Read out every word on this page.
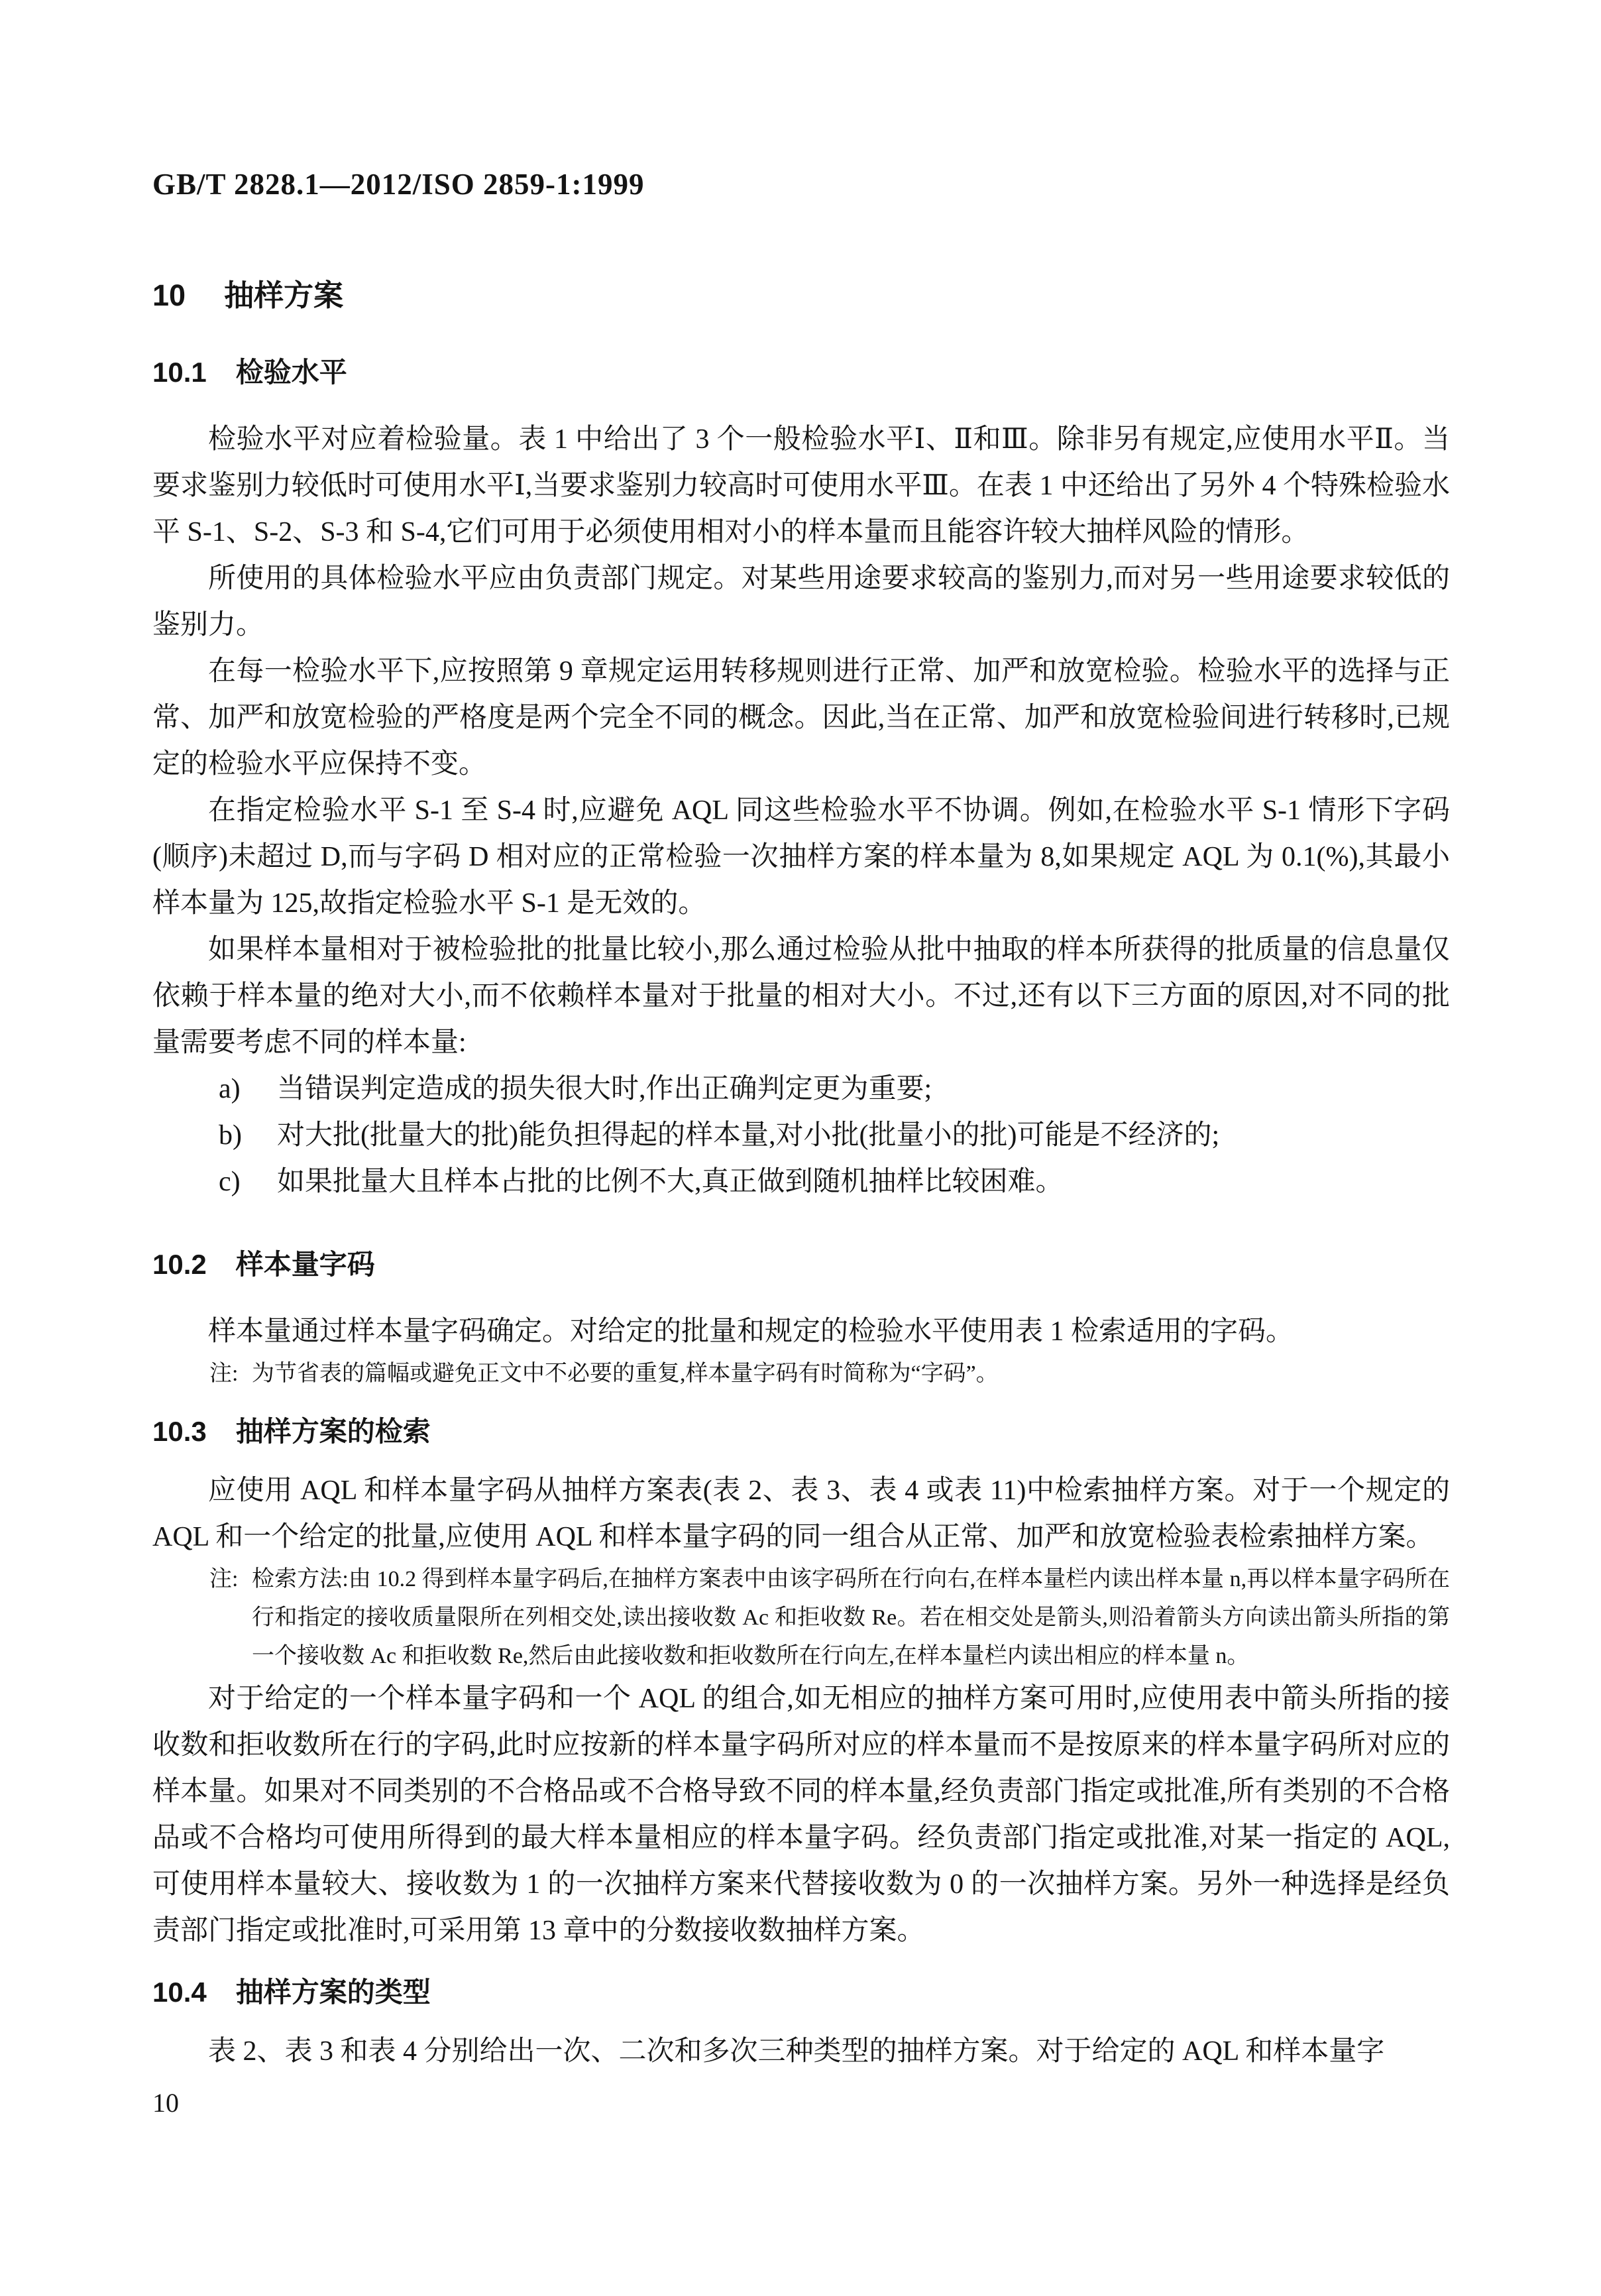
GB/T 2828.1—2012/ISO 2859-1:1999
10 抽样方案
10.1 检验水平

检验水平对应着检验量。表 1 中给出了 3 个一般检验水平Ⅰ、Ⅱ和Ⅲ。除非另有规定,应使用水平Ⅱ。当要求鉴别力较低时可使用水平Ⅰ,当要求鉴别力较高时可使用水平Ⅲ。在表 1 中还给出了另外 4 个特殊检验水平 S-1、S-2、S-3 和 S-4,它们可用于必须使用相对小的样本量而且能容许较大抽样风险的情形。

所使用的具体检验水平应由负责部门规定。对某些用途要求较高的鉴别力,而对另一些用途要求较低的鉴别力。

在每一检验水平下,应按照第 9 章规定运用转移规则进行正常、加严和放宽检验。检验水平的选择与正常、加严和放宽检验的严格度是两个完全不同的概念。因此,当在正常、加严和放宽检验间进行转移时,已规定的检验水平应保持不变。

在指定检验水平 S-1 至 S-4 时,应避免 AQL 同这些检验水平不协调。例如,在检验水平 S-1 情形下字码(顺序)未超过 D,而与字码 D 相对应的正常检验一次抽样方案的样本量为 8,如果规定 AQL 为 0.1(%),其最小样本量为 125,故指定检验水平 S-1 是无效的。

如果样本量相对于被检验批的批量比较小,那么通过检验从批中抽取的样本所获得的批质量的信息量仅依赖于样本量的绝对大小,而不依赖样本量对于批量的相对大小。不过,还有以下三方面的原因,对不同的批量需要考虑不同的样本量:

a)	当错误判定造成的损失很大时,作出正确判定更为重要;
b)	对大批(批量大的批)能负担得起的样本量,对小批(批量小的批)可能是不经济的;
c)	如果批量大且样本占批的比例不大,真正做到随机抽样比较困难。
10.2 样本量字码

样本量通过样本量字码确定。对给定的批量和规定的检验水平使用表 1 检索适用的字码。

注: 为节省表的篇幅或避免正文中不必要的重复,样本量字码有时简称为“字码”。
10.3 抽样方案的检索

应使用 AQL 和样本量字码从抽样方案表(表 2、表 3、表 4 或表 11)中检索抽样方案。对于一个规定的 AQL 和一个给定的批量,应使用 AQL 和样本量字码的同一组合从正常、加严和放宽检验表检索抽样方案。

注: 检索方法:由 10.2 得到样本量字码后,在抽样方案表中由该字码所在行向右,在样本量栏内读出样本量 n,再以样本量字码所在行和指定的接收质量限所在列相交处,读出接收数 Ac 和拒收数 Re。若在相交处是箭头,则沿着箭头方向读出箭头所指的第一个接收数 Ac 和拒收数 Re,然后由此接收数和拒收数所在行向左,在样本量栏内读出相应的样本量 n。

对于给定的一个样本量字码和一个 AQL 的组合,如无相应的抽样方案可用时,应使用表中箭头所指的接收数和拒收数所在行的字码,此时应按新的样本量字码所对应的样本量而不是按原来的样本量字码所对应的样本量。如果对不同类别的不合格品或不合格导致不同的样本量,经负责部门指定或批准,所有类别的不合格品或不合格均可使用所得到的最大样本量相应的样本量字码。经负责部门指定或批准,对某一指定的 AQL,可使用样本量较大、接收数为 1 的一次抽样方案来代替接收数为 0 的一次抽样方案。另外一种选择是经负责部门指定或批准时,可采用第 13 章中的分数接收数抽样方案。

10.4 抽样方案的类型

表 2、表 3 和表 4 分别给出一次、二次和多次三种类型的抽样方案。对于给定的 AQL 和样本量字

10
